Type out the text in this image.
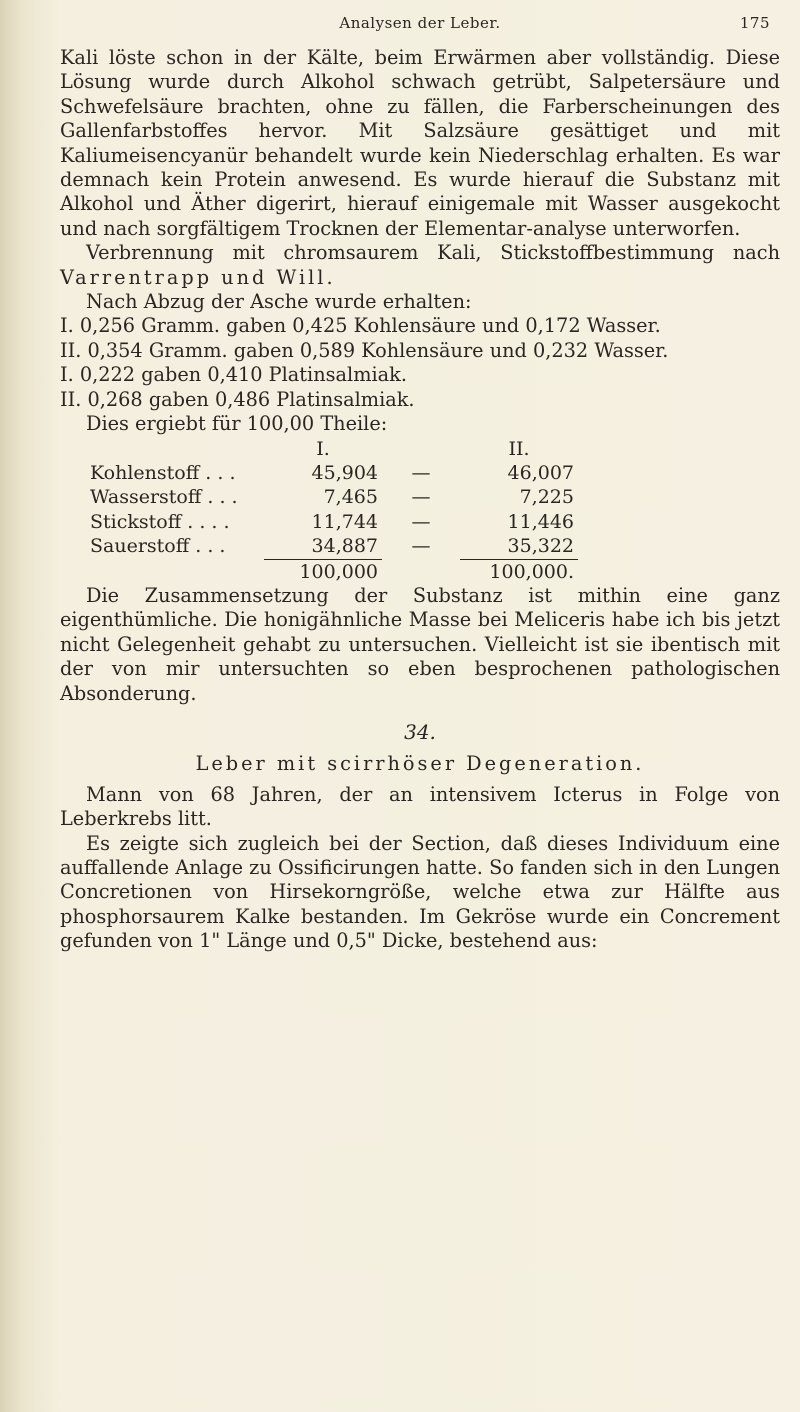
Analysen der Leber.	175

Kali löste schon in der Kälte, beim Erwärmen aber vollständig. Diese Lösung wurde durch Alkohol schwach getrübt, Salpetersäure und Schwefelsäure brachten, ohne zu fällen, die Farberscheinungen des Gallenfarbstoffes hervor. Mit Salzsäure gesättiget und mit Kaliumeisencyanür behandelt wurde kein Niederschlag erhalten. Es war demnach kein Protein anwesend. Es wurde hierauf die Substanz mit Alkohol und Äther digerirt, hierauf einigemale mit Wasser ausgekocht und nach sorgfältigem Trocknen der Elementar-analyse unterworfen.

Verbrennung mit chromsaurem Kali, Stickstoffbestimmung nach Varrentrapp und Will.

Nach Abzug der Asche wurde erhalten:

I. 0,256 Gramm. gaben 0,425 Kohlensäure und 0,172 Wasser.
II. 0,354 Gramm. gaben 0,589 Kohlensäure und 0,232 Wasser.
I. 0,222 gaben 0,410 Platinsalmiak.
II. 0,268 gaben 0,486 Platinsalmiak.

Dies ergiebt für 100,00 Theile:

	I.		II.
Kohlenstoff . . .	45,904	—	46,007
Wasserstoff . . .	7,465	—	7,225
Stickstoff . . . .	11,744	—	11,446
Sauerstoff . . .	34,887	—	35,322
	100,000		100,000.

Die Zusammensetzung der Substanz ist mithin eine ganz eigenthümliche. Die honigähnliche Masse bei Meliceris habe ich bis jetzt nicht Gelegenheit gehabt zu untersuchen. Vielleicht ist sie ibentisch mit der von mir untersuchten so eben besprochenen pathologischen Absonderung.

34.
Leber mit scirrhöser Degeneration.

Mann von 68 Jahren, der an intensivem Icterus in Folge von Leberkrebs litt.

Es zeigte sich zugleich bei der Section, daß dieses Individuum eine auffallende Anlage zu Ossificirungen hatte. So fanden sich in den Lungen Concretionen von Hirsekorngröße, welche etwa zur Hälfte aus phosphorsaurem Kalke bestanden. Im Gekröse wurde ein Concrement gefunden von 1" Länge und 0,5" Dicke, bestehend aus:
